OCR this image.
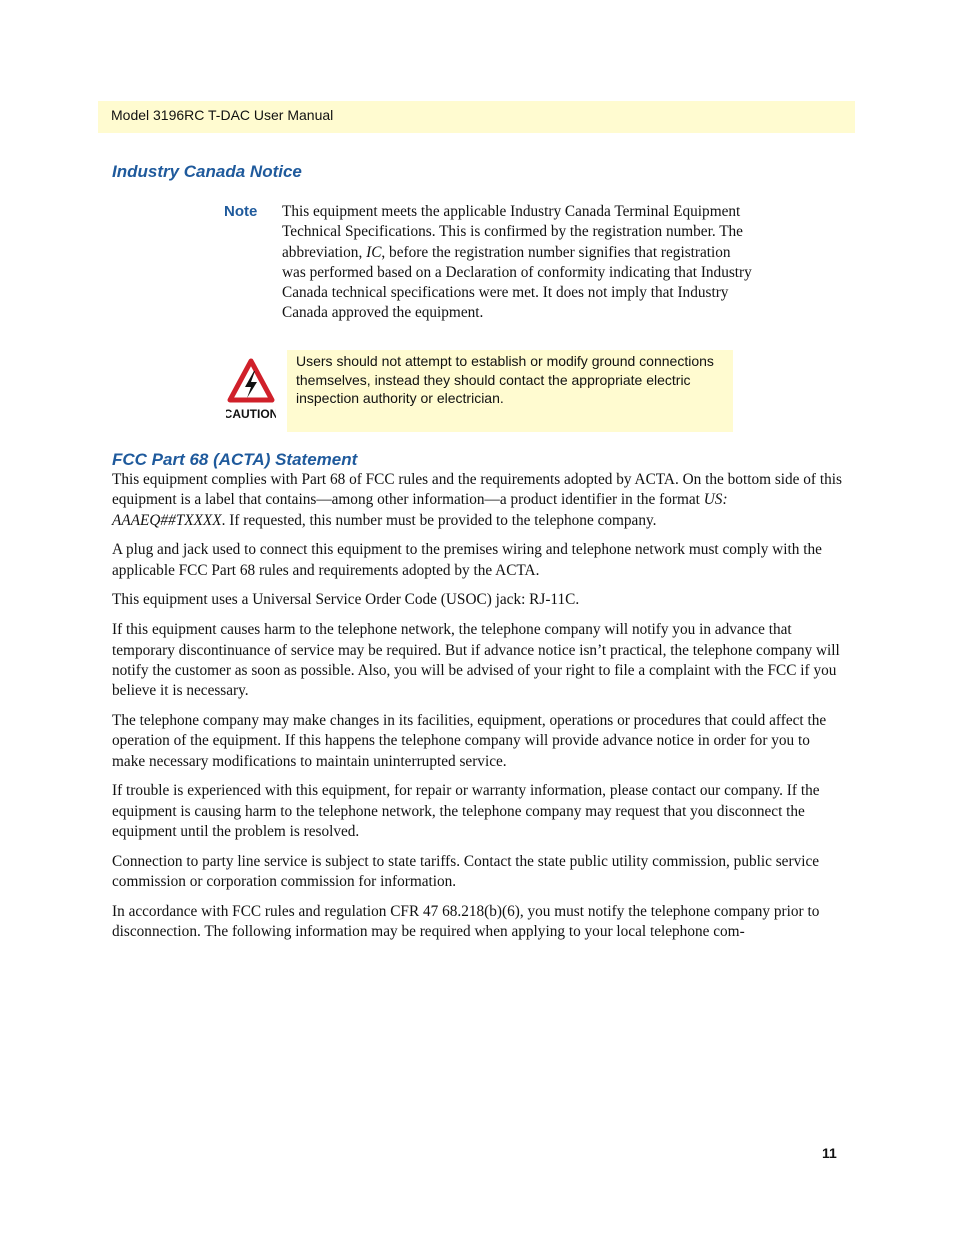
Model 3196RC T-DAC User Manual
Industry Canada Notice
Note This equipment meets the applicable Industry Canada Terminal Equipment Technical Specifications. This is confirmed by the registration number. The abbreviation, IC, before the registration number signifies that registration was performed based on a Declaration of conformity indicating that Industry Canada technical specifications were met. It does not imply that Industry Canada approved the equipment.

CAUTION

Users should not attempt to establish or modify ground connections themselves, instead they should contact the appropriate electric inspection authority or electrician.

FCC Part 68 (ACTA) Statement

This equipment complies with Part 68 of FCC rules and the requirements adopted by ACTA. On the bottom side of this equipment is a label that contains—among other information—a product identifier in the format US: AAAEQ##TXXXX. If requested, this number must be provided to the telephone company.

A plug and jack used to connect this equipment to the premises wiring and telephone network must comply with the applicable FCC Part 68 rules and requirements adopted by the ACTA.

This equipment uses a Universal Service Order Code (USOC) jack: RJ-11C.

If this equipment causes harm to the telephone network, the telephone company will notify you in advance that temporary discontinuance of service may be required. But if advance notice isn’t practical, the telephone company will notify the customer as soon as possible. Also, you will be advised of your right to file a complaint with the FCC if you believe it is necessary.

The telephone company may make changes in its facilities, equipment, operations or procedures that could affect the operation of the equipment. If this happens the telephone company will provide advance notice in order for you to make necessary modifications to maintain uninterrupted service.

If trouble is experienced with this equipment, for repair or warranty information, please contact our company. If the equipment is causing harm to the telephone network, the telephone company may request that you disconnect the equipment until the problem is resolved.

Connection to party line service is subject to state tariffs. Contact the state public utility commission, public service commission or corporation commission for information.

In accordance with FCC rules and regulation CFR 47 68.218(b)(6), you must notify the telephone company prior to disconnection. The following information may be required when applying to your local telephone com-

11
